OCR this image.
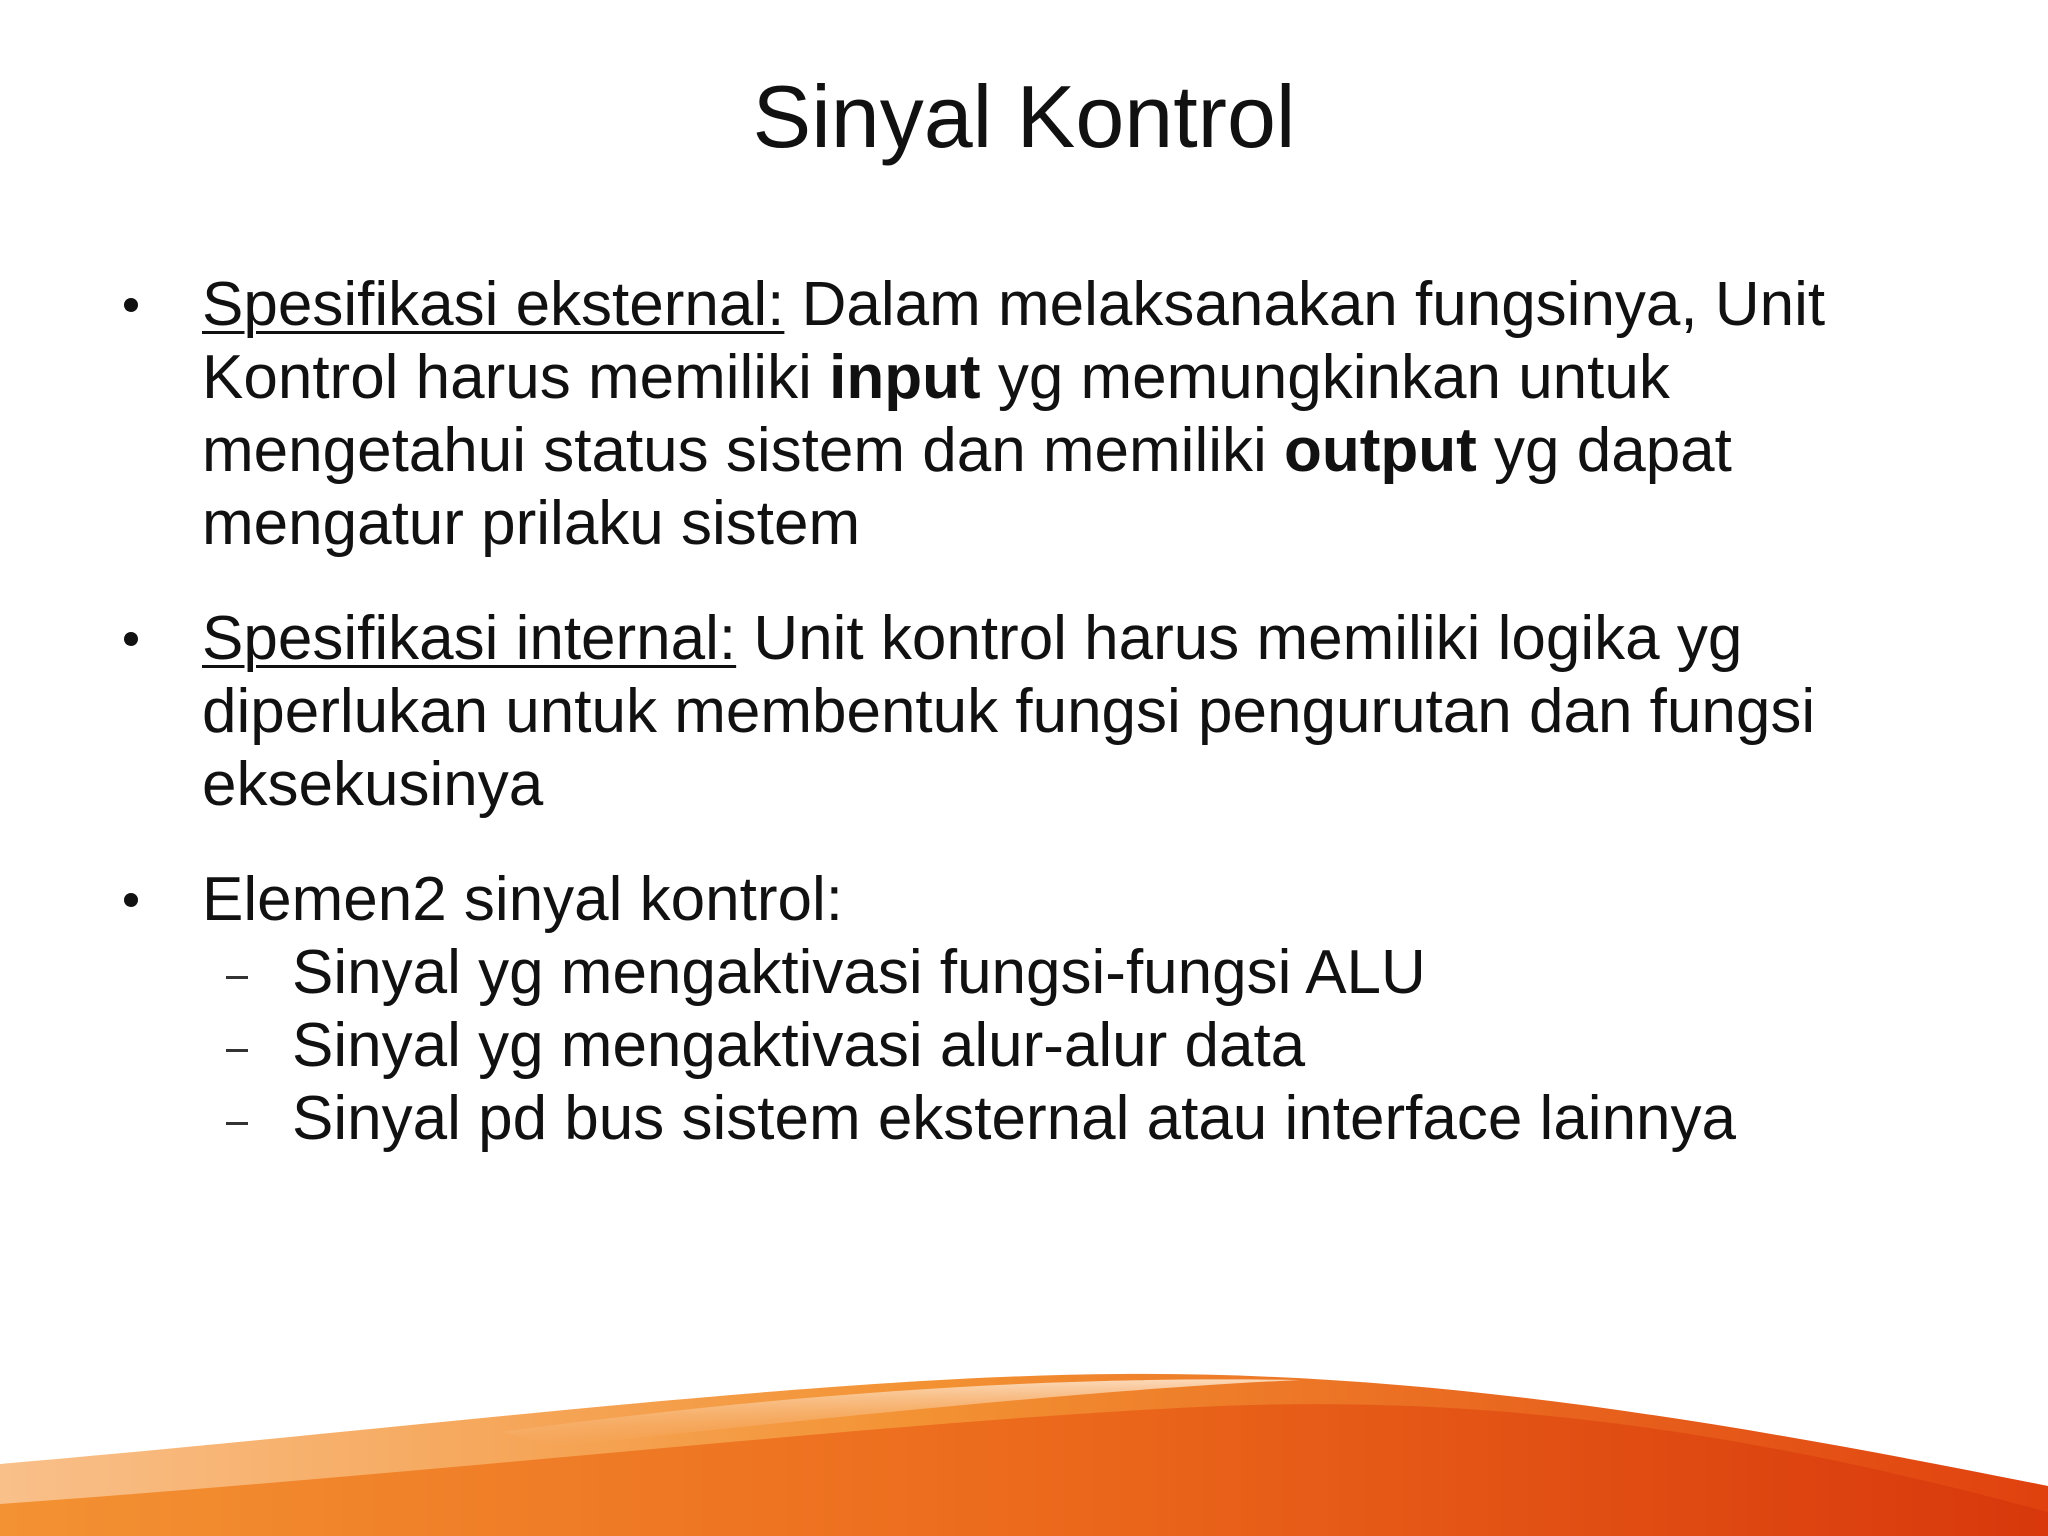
Sinyal Kontrol
Spesifikasi eksternal: Dalam melaksanakan fungsinya, Unit Kontrol harus memiliki input yg memungkinkan untuk mengetahui status sistem dan memiliki output yg dapat mengatur prilaku sistem
Spesifikasi internal: Unit kontrol harus memiliki logika yg diperlukan untuk membentuk fungsi pengurutan dan fungsi eksekusinya
Elemen2 sinyal kontrol:
Sinyal yg mengaktivasi fungsi-fungsi ALU
Sinyal yg mengaktivasi alur-alur data
Sinyal pd bus sistem eksternal atau interface lainnya
